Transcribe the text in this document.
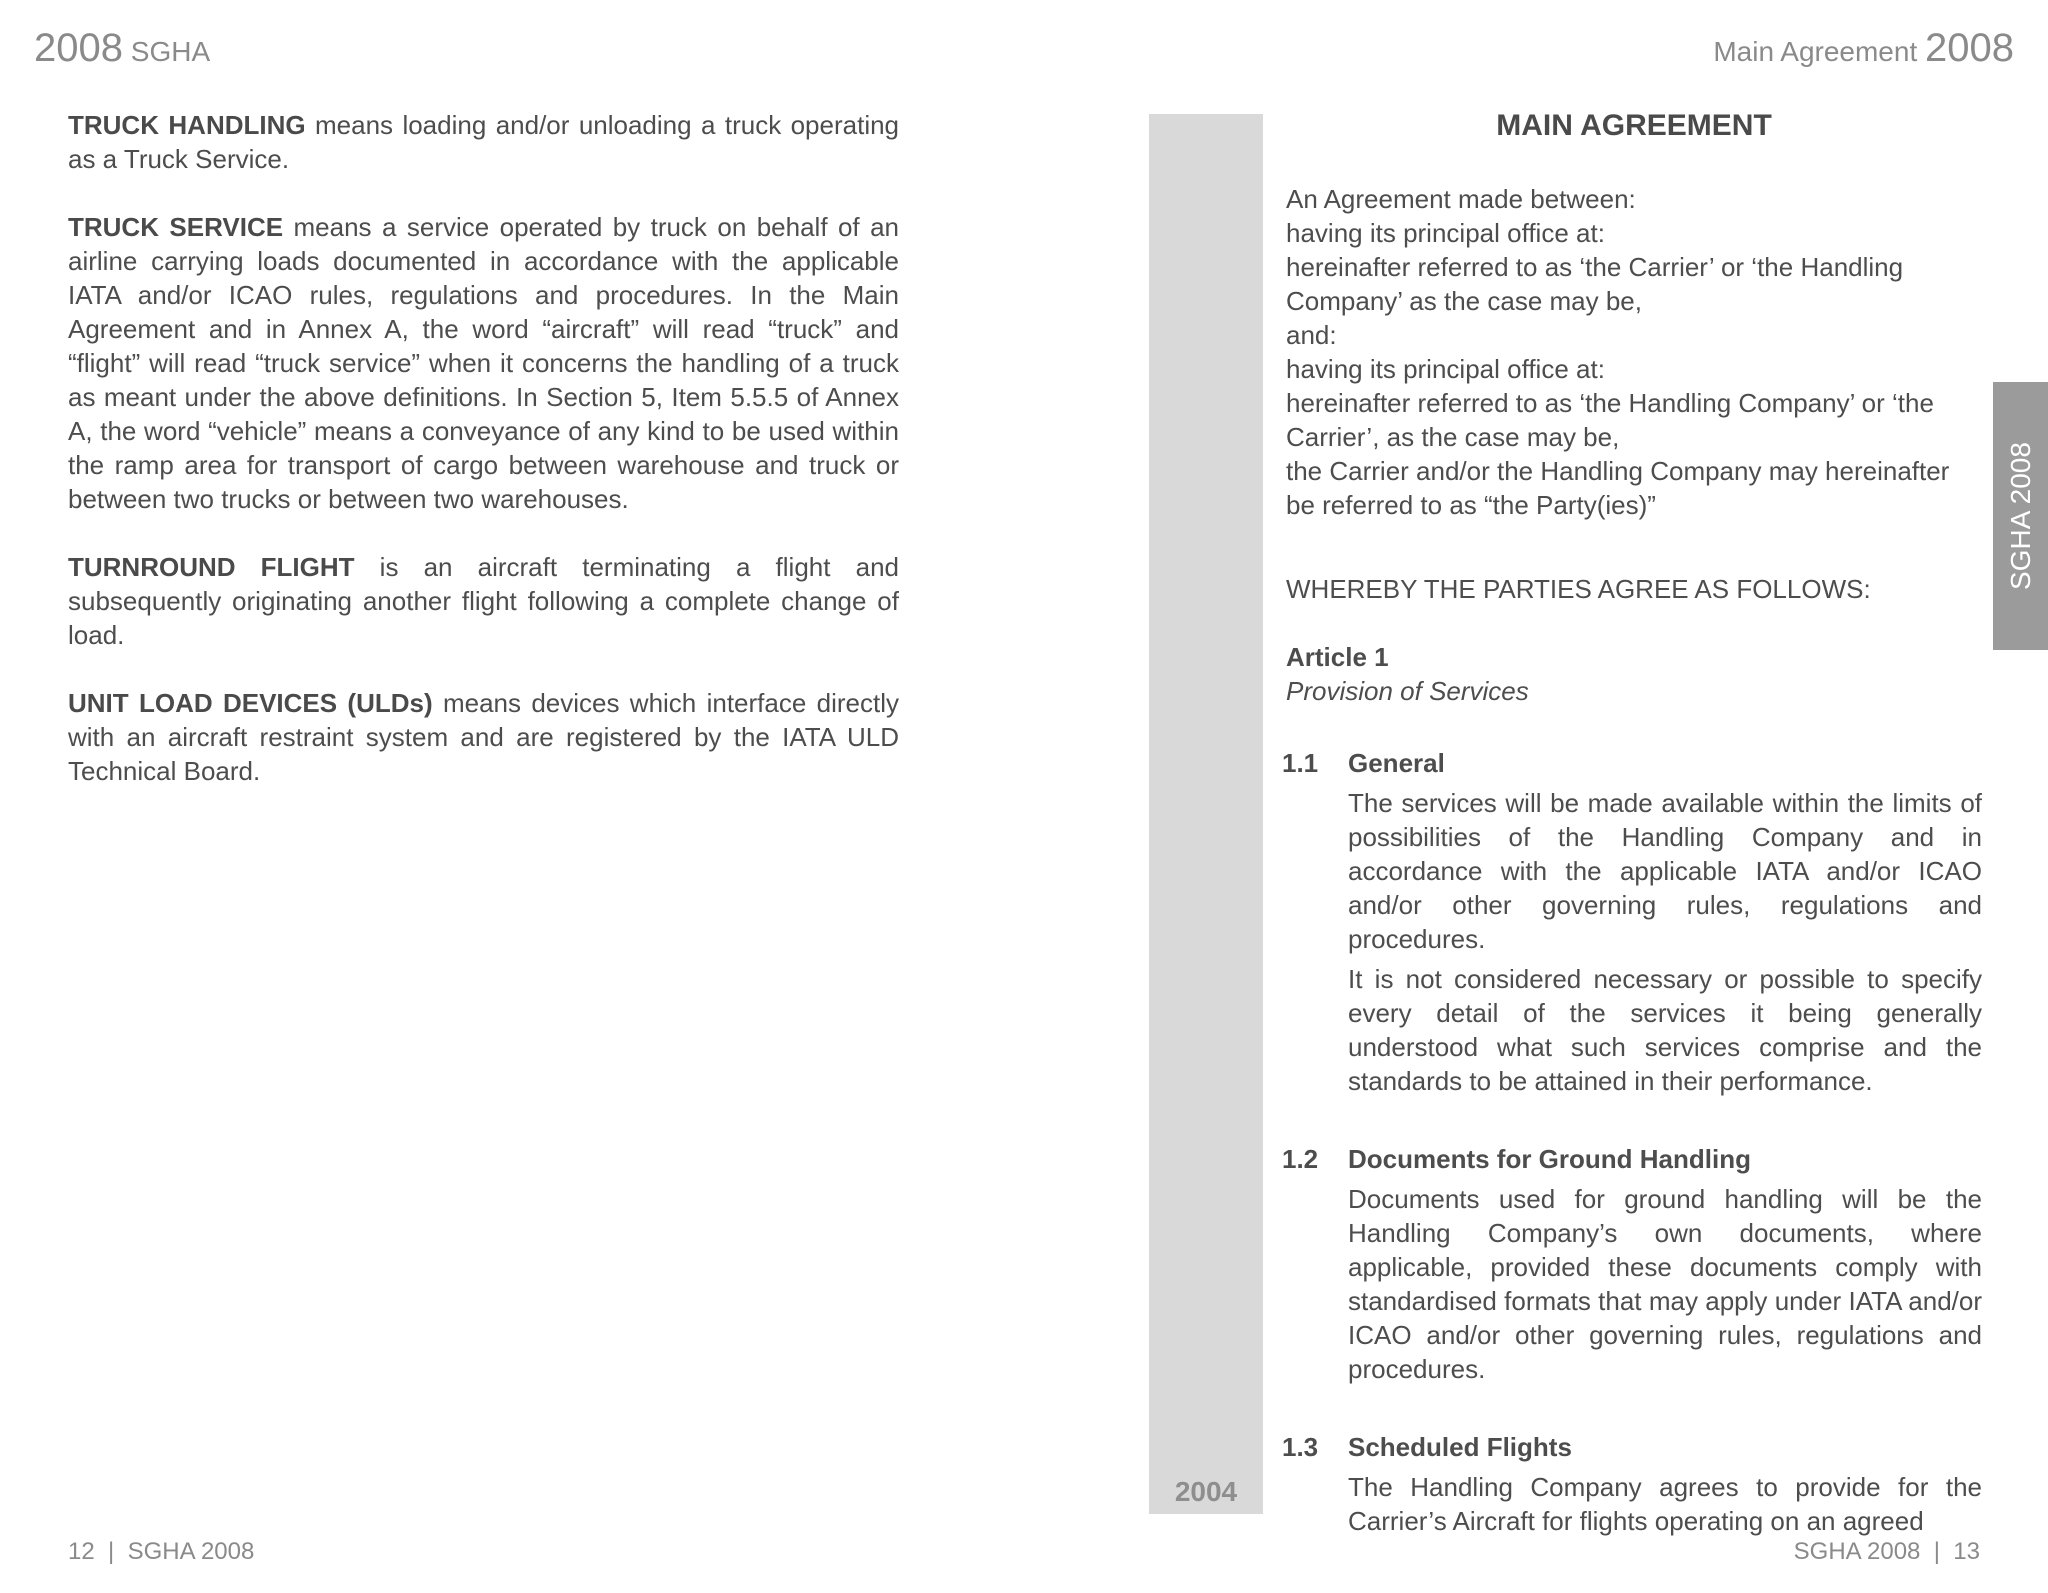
2008 SGHA	Main Agreement 2008

TRUCK HANDLING means loading and/or unloading a truck operating as a Truck Service.

TRUCK SERVICE means a service operated by truck on behalf of an airline carrying loads documented in accordance with the applicable IATA and/or ICAO rules, regulations and procedures. In the Main Agreement and in Annex A, the word “aircraft” will read “truck” and “flight” will read “truck service” when it concerns the handling of a truck as meant under the above definitions. In Section 5, Item 5.5.5 of Annex A, the word “vehicle” means a conveyance of any kind to be used within the ramp area for transport of cargo between warehouse and truck or between two trucks or between two warehouses.

TURNROUND FLIGHT is an aircraft terminating a flight and subsequently originating another flight following a complete change of load.

UNIT LOAD DEVICES (ULDs) means devices which interface directly with an aircraft restraint system and are registered by the IATA ULD Technical Board.

2004
SGHA 2008
MAIN AGREEMENT
An Agreement made between:
having its principal office at:
hereinafter referred to as ‘the Carrier’ or ‘the Handling Company’ as the case may be,
and:
having its principal office at:
hereinafter referred to as ‘the Handling Company’ or ‘the Carrier’, as the case may be,
the Carrier and/or the Handling Company may hereinafter be referred to as “the Party(ies)”
WHEREBY THE PARTIES AGREE AS FOLLOWS:
Article 1
Provision of Services
1.1 General

The services will be made available within the limits of possibilities of the Handling Company and in accordance with the applicable IATA and/or ICAO and/or other governing rules, regulations and procedures.

It is not considered necessary or possible to specify every detail of the services it being generally understood what such services comprise and the standards to be attained in their performance.

1.2 Documents for Ground Handling

Documents used for ground handling will be the Handling Company’s own documents, where applicable, provided these documents comply with standardised formats that may apply under IATA and/or ICAO and/or other governing rules, regulations and procedures.

1.3 Scheduled Flights

The Handling Company agrees to provide for the Carrier’s Aircraft for flights operating on an agreed

12  |  SGHA 2008	SGHA 2008  |  13
